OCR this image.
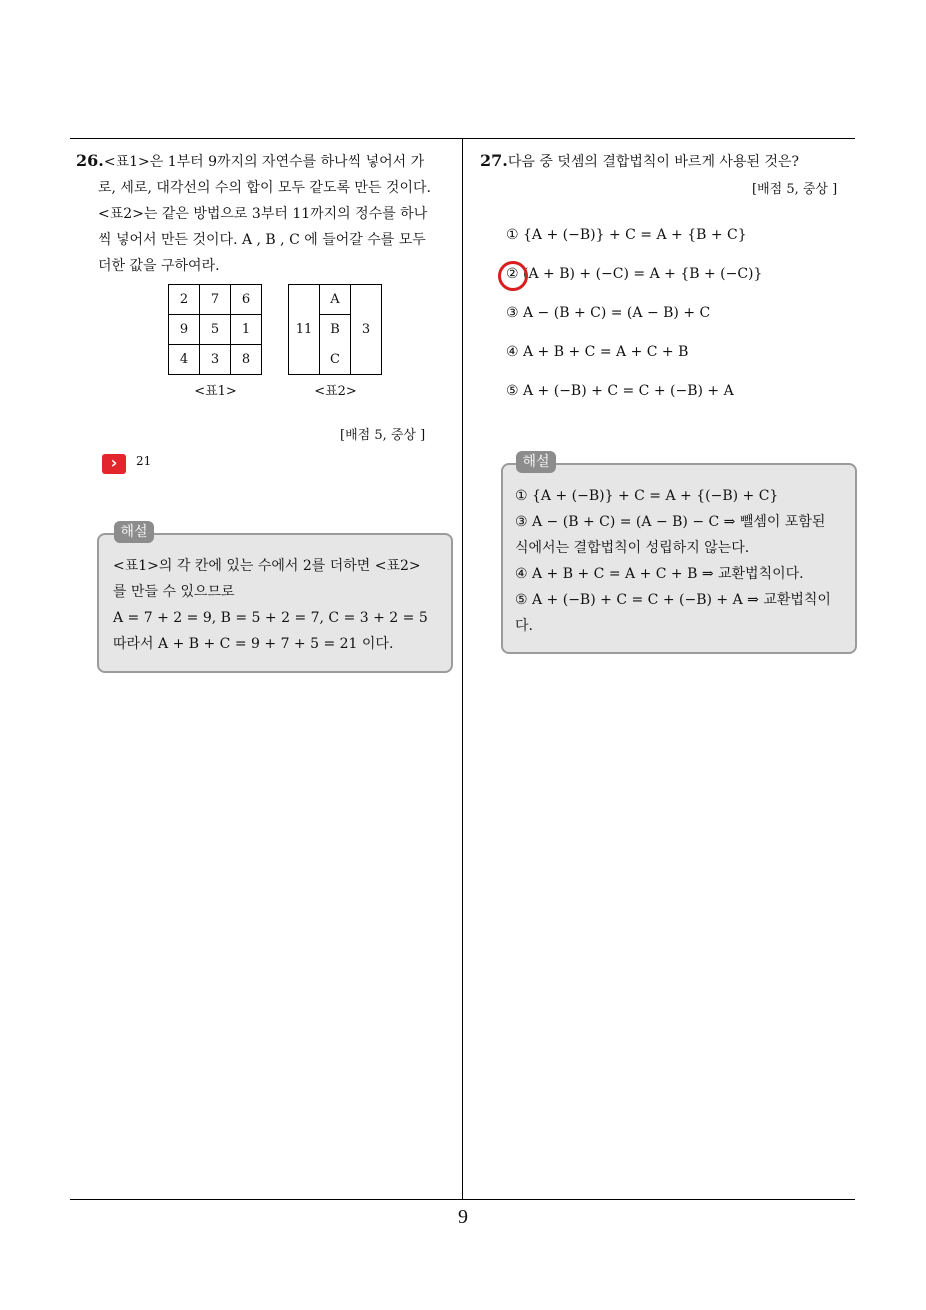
26.<표1>은 1부터 9까지의 자연수를 하나씩 넣어서 가
로, 세로, 대각선의 수의 합이 모두 같도록 만든 것이다.
<표2>는 같은 방법으로 3부터 11까지의 정수를 하나
씩 넣어서 만든 것이다. A , B , C 에 들어갈 수를 모두
더한 값을 구하여라.
2	7	6
9	5	1
4	3	8
<표1>
	A	
11	B	3
	C	
<표2>
[배점 5, 중상 ]
›	21
<표1>의 각 칸에 있는 수에서 2를 더하면 <표2>
를 만들 수 있으므로
A = 7 + 2 = 9, B = 5 + 2 = 7, C = 3 + 2 = 5
따라서 A + B + C = 9 + 7 + 5 = 21 이다.
해설
27.다음 중 덧셈의 결합법칙이 바르게 사용된 것은?
[배점 5, 중상 ]
① {A + (−B)} + C = A + {B + C}
② (A + B) + (−C) = A + {B + (−C)}
③ A − (B + C) = (A − B) + C
④ A + B + C = A + C + B
⑤ A + (−B) + C = C + (−B) + A
① {A + (−B)} + C = A + {(−B) + C}
③ A − (B + C) = (A − B) − C ⇒ 뺄셈이 포함된
식에서는 결합법칙이 성립하지 않는다.
④ A + B + C = A + C + B ⇒ 교환법칙이다.
⑤ A + (−B) + C = C + (−B) + A ⇒ 교환법칙이
다.
해설
9
